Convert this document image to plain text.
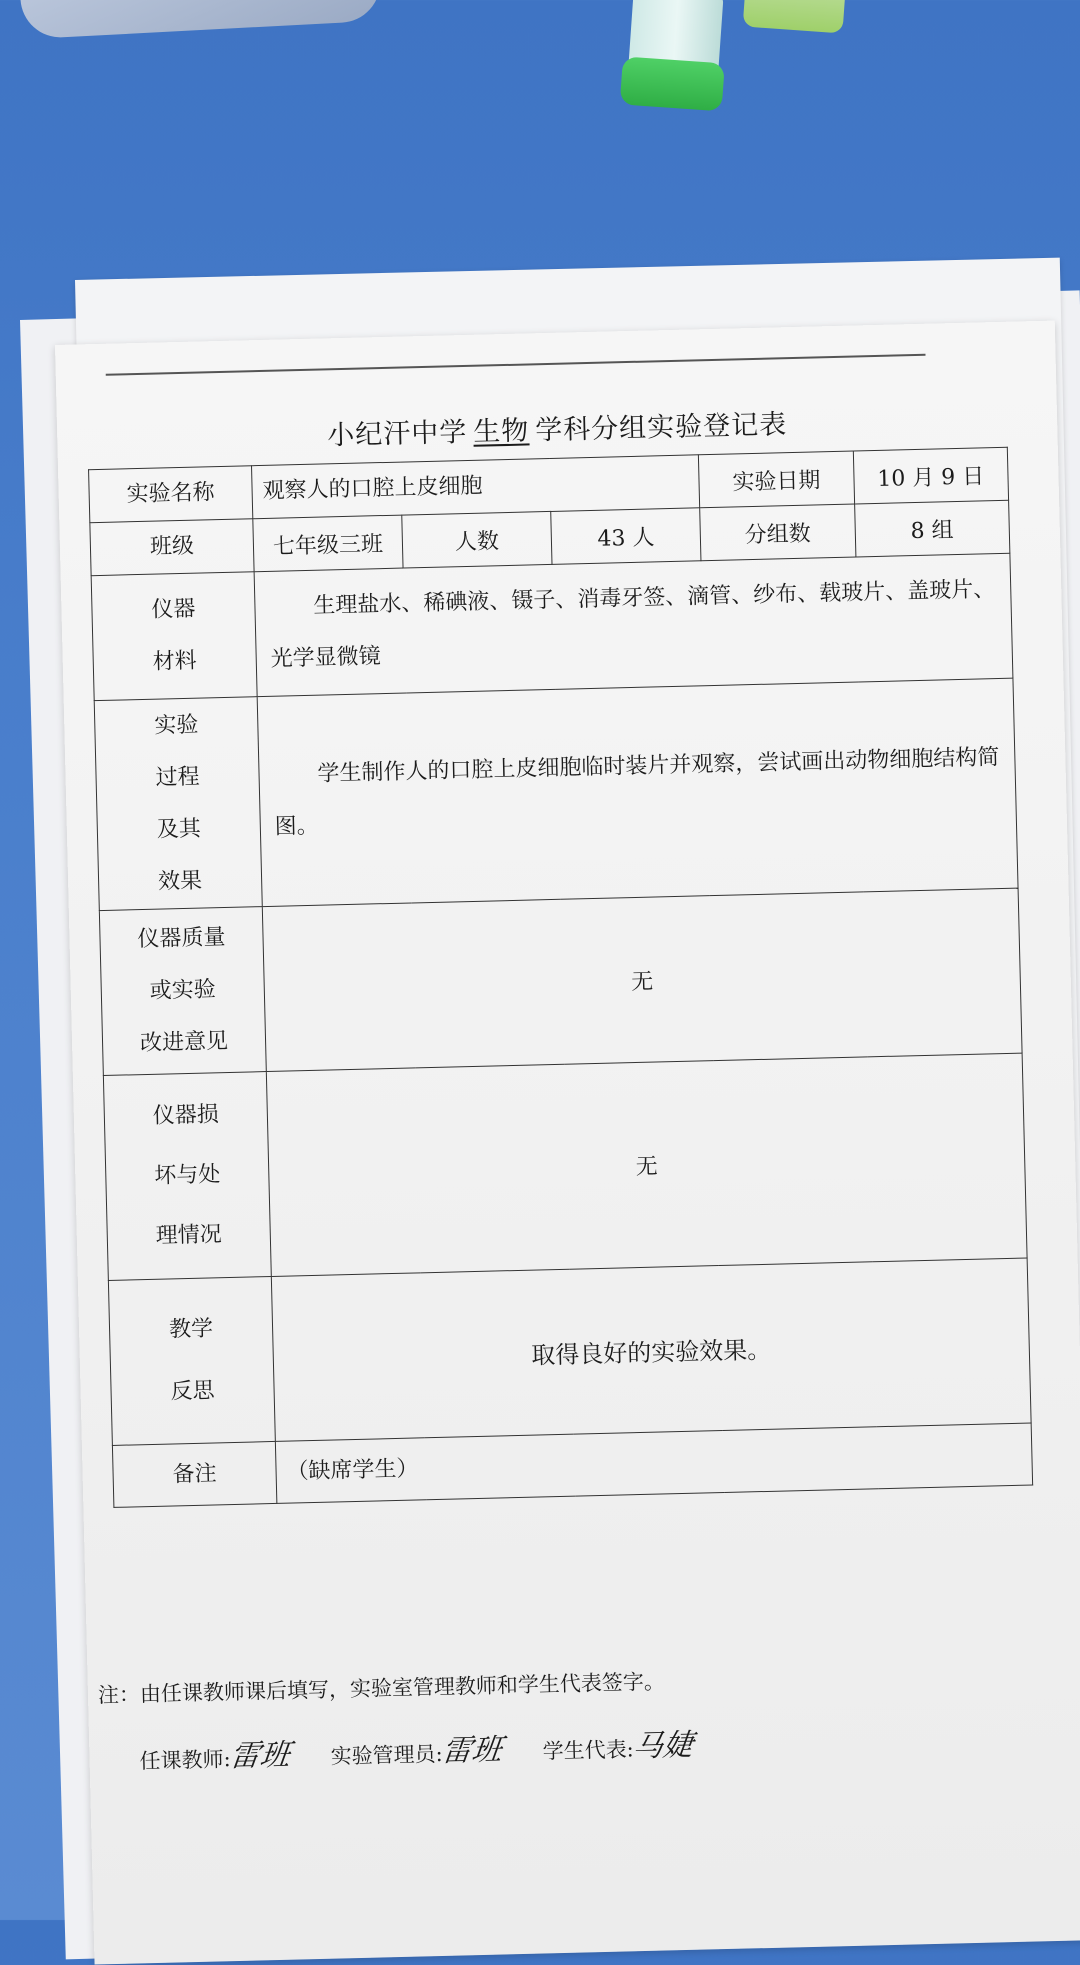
小纪汗中学 生物 学科分组实验登记表
实验名称	观察人的口腔上皮细胞			实验日期	10 月 9 日
班级	七年级三班	人数	43 人	分组数	8 组

仪器
材料	生理盐水、稀碘液、镊子、消毒牙签、滴管、纱布、载玻片、盖玻片、光学显微镜				

实验
过程
及其
效果	学生制作人的口腔上皮细胞临时装片并观察，尝试画出动物细胞结构简图。				

仪器质量
或实验
改进意见	无				

仪器损
坏与处
理情况	无				

教学
反思	取得良好的实验效果。				
备注	（缺席学生）				
注：由任课教师课后填写，实验室管理教师和学生代表签字。
任课教师:雷班 实验管理员:雷班 学生代表:马婕
